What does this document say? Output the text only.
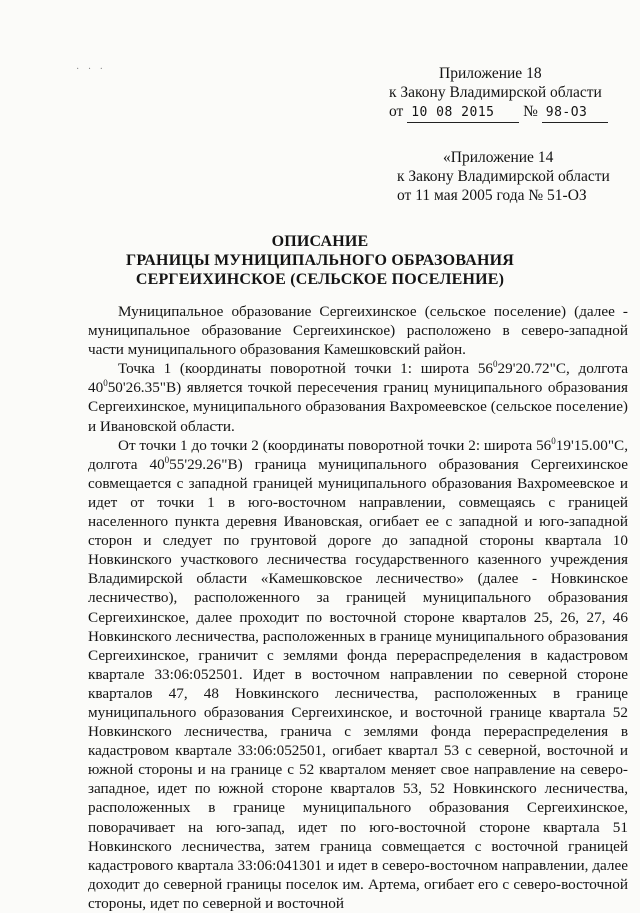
· · ·	Приложение 18
к Закону Владимирской области
от 10 08 2015 № 98-ОЗ
«Приложение 14
к Закону Владимирской области
от 11 мая 2005 года № 51-ОЗ
ОПИСАНИЕ
ГРАНИЦЫ МУНИЦИПАЛЬНОГО ОБРАЗОВАНИЯ
СЕРГЕИХИНСКОЕ (СЕЛЬСКОЕ ПОСЕЛЕНИЕ)

Муниципальное образование Сергеихинское (сельское поселение) (далее - муниципальное образование Сергеихинское) расположено в северо-западной части муниципального образования Камешковский район.

Точка 1 (координаты поворотной точки 1: широта $56^029'20.72"С$, долгота $40^050'26.35"В$) является точкой пересечения границ муниципального образования Сергеихинское, муниципального образования Вахромеевское (сельское поселение) и Ивановской области.

От точки 1 до точки 2 (координаты поворотной точки 2: широта $56^019'15.00"С$, долгота $40^055'29.26"В$) граница муниципального образования Сергеихинское совмещается с западной границей муниципального образования Вахромеевское и идет от точки 1 в юго-восточном направлении, совмещаясь с границей населенного пункта деревня Ивановская, огибает ее с западной и юго-западной сторон и следует по грунтовой дороге до западной стороны квартала 10 Новкинского участкового лесничества государственного казенного учреждения Владимирской области «Камешковское лесничество» (далее - Новкинское лесничество), расположенного за границей муниципального образования Сергеихинское, далее проходит по восточной стороне кварталов 25, 26, 27, 46 Новкинского лесничества, расположенных в границе муниципального образования Сергеихинское, граничит с землями фонда перераспределения в кадастровом квартале 33:06:052501. Идет в восточном направлении по северной стороне кварталов 47, 48 Новкинского лесничества, расположенных в границе муниципального образования Сергеихинское, и восточной границе квартала 52 Новкинского лесничества, гранича с землями фонда перераспределения в кадастровом квартале 33:06:052501, огибает квартал 53 с северной, восточной и южной стороны и на границе с 52 кварталом меняет свое направление на северо-западное, идет по южной стороне кварталов 53, 52 Новкинского лесничества, расположенных в границе муниципального образования Сергеихинское, поворачивает на юго-запад, идет по юго-восточной стороне квартала 51 Новкинского лесничества, затем граница совмещается с восточной границей кадастрового квартала 33:06:041301 и идет в северо-восточном направлении, далее доходит до северной границы поселок им. Артема, огибает его с северо-восточной стороны, идет по северной и восточной
